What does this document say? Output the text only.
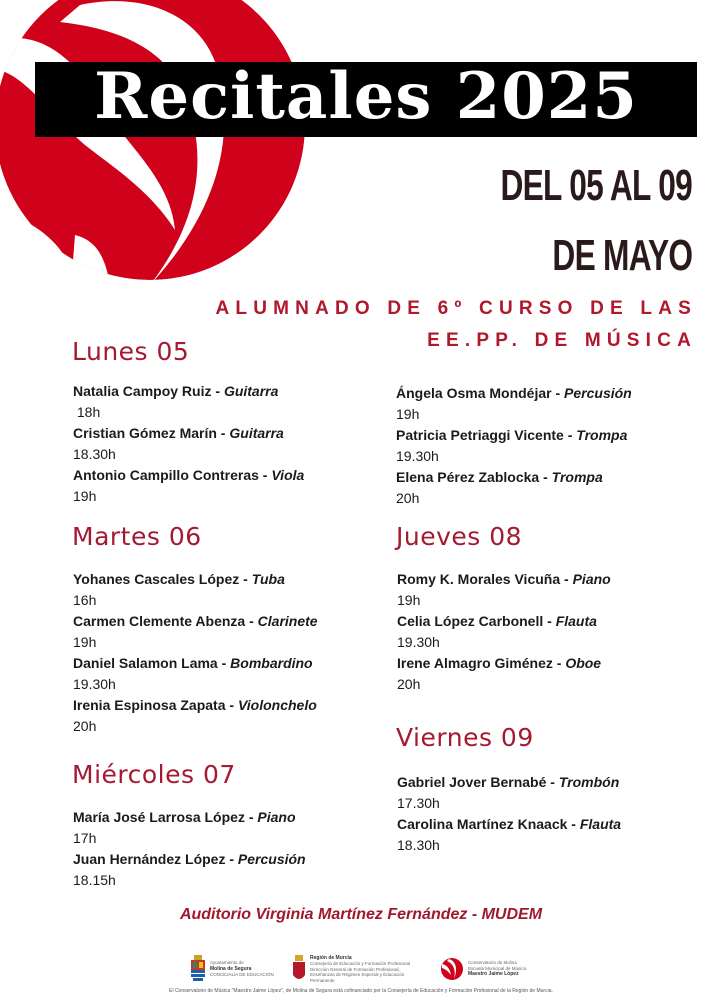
Recitales 2025
DEL 05 AL 09
DE MAYO
ALUMNADO DE 6º CURSO DE LAS
EE.PP. DE MÚSICA
Lunes 05
Natalia Campoy Ruiz - Guitarra
18h
Cristian Gómez Marín - Guitarra
18.30h
Antonio Campillo Contreras - Viola
19h
Ángela Osma Mondéjar - Percusión
19h
Patricia Petriaggi Vicente - Trompa
19.30h
Elena Pérez Zablocka - Trompa
20h
Martes 06
Yohanes Cascales López - Tuba
16h
Carmen Clemente Abenza - Clarinete
19h
Daniel Salamon Lama - Bombardino
19.30h
Irenia Espinosa Zapata - Violonchelo
20h
Miércoles 07
María José Larrosa López - Piano
17h
Juan Hernández López - Percusión
18.15h
Jueves 08
Romy K. Morales Vicuña - Piano
19h
Celia López Carbonell - Flauta
19.30h
Irene Almagro Giménez - Oboe
20h
Viernes 09
Gabriel Jover Bernabé - Trombón
17.30h
Carolina Martínez Knaack - Flauta
18.30h
Auditorio Virginia Martínez Fernández - MUDEM
Ayuntamiento de
Molina de Segura
CONCEJALÍA DE EDUCACIÓN
Región de Murcia
Consejería de Educación y Formación Profesional
Dirección General de Formación Profesional, Enseñanzas de Régimen Especial y Educación Permanente
Conservatorio de Molina
Escuela Municipal de Música
Maestro Jaime López
El Conservatorio de Música "Maestro Jaime López", de Molina de Segura está cofinanciado por la Consejería de Educación y Formación Profesional de la Región de Murcia.
